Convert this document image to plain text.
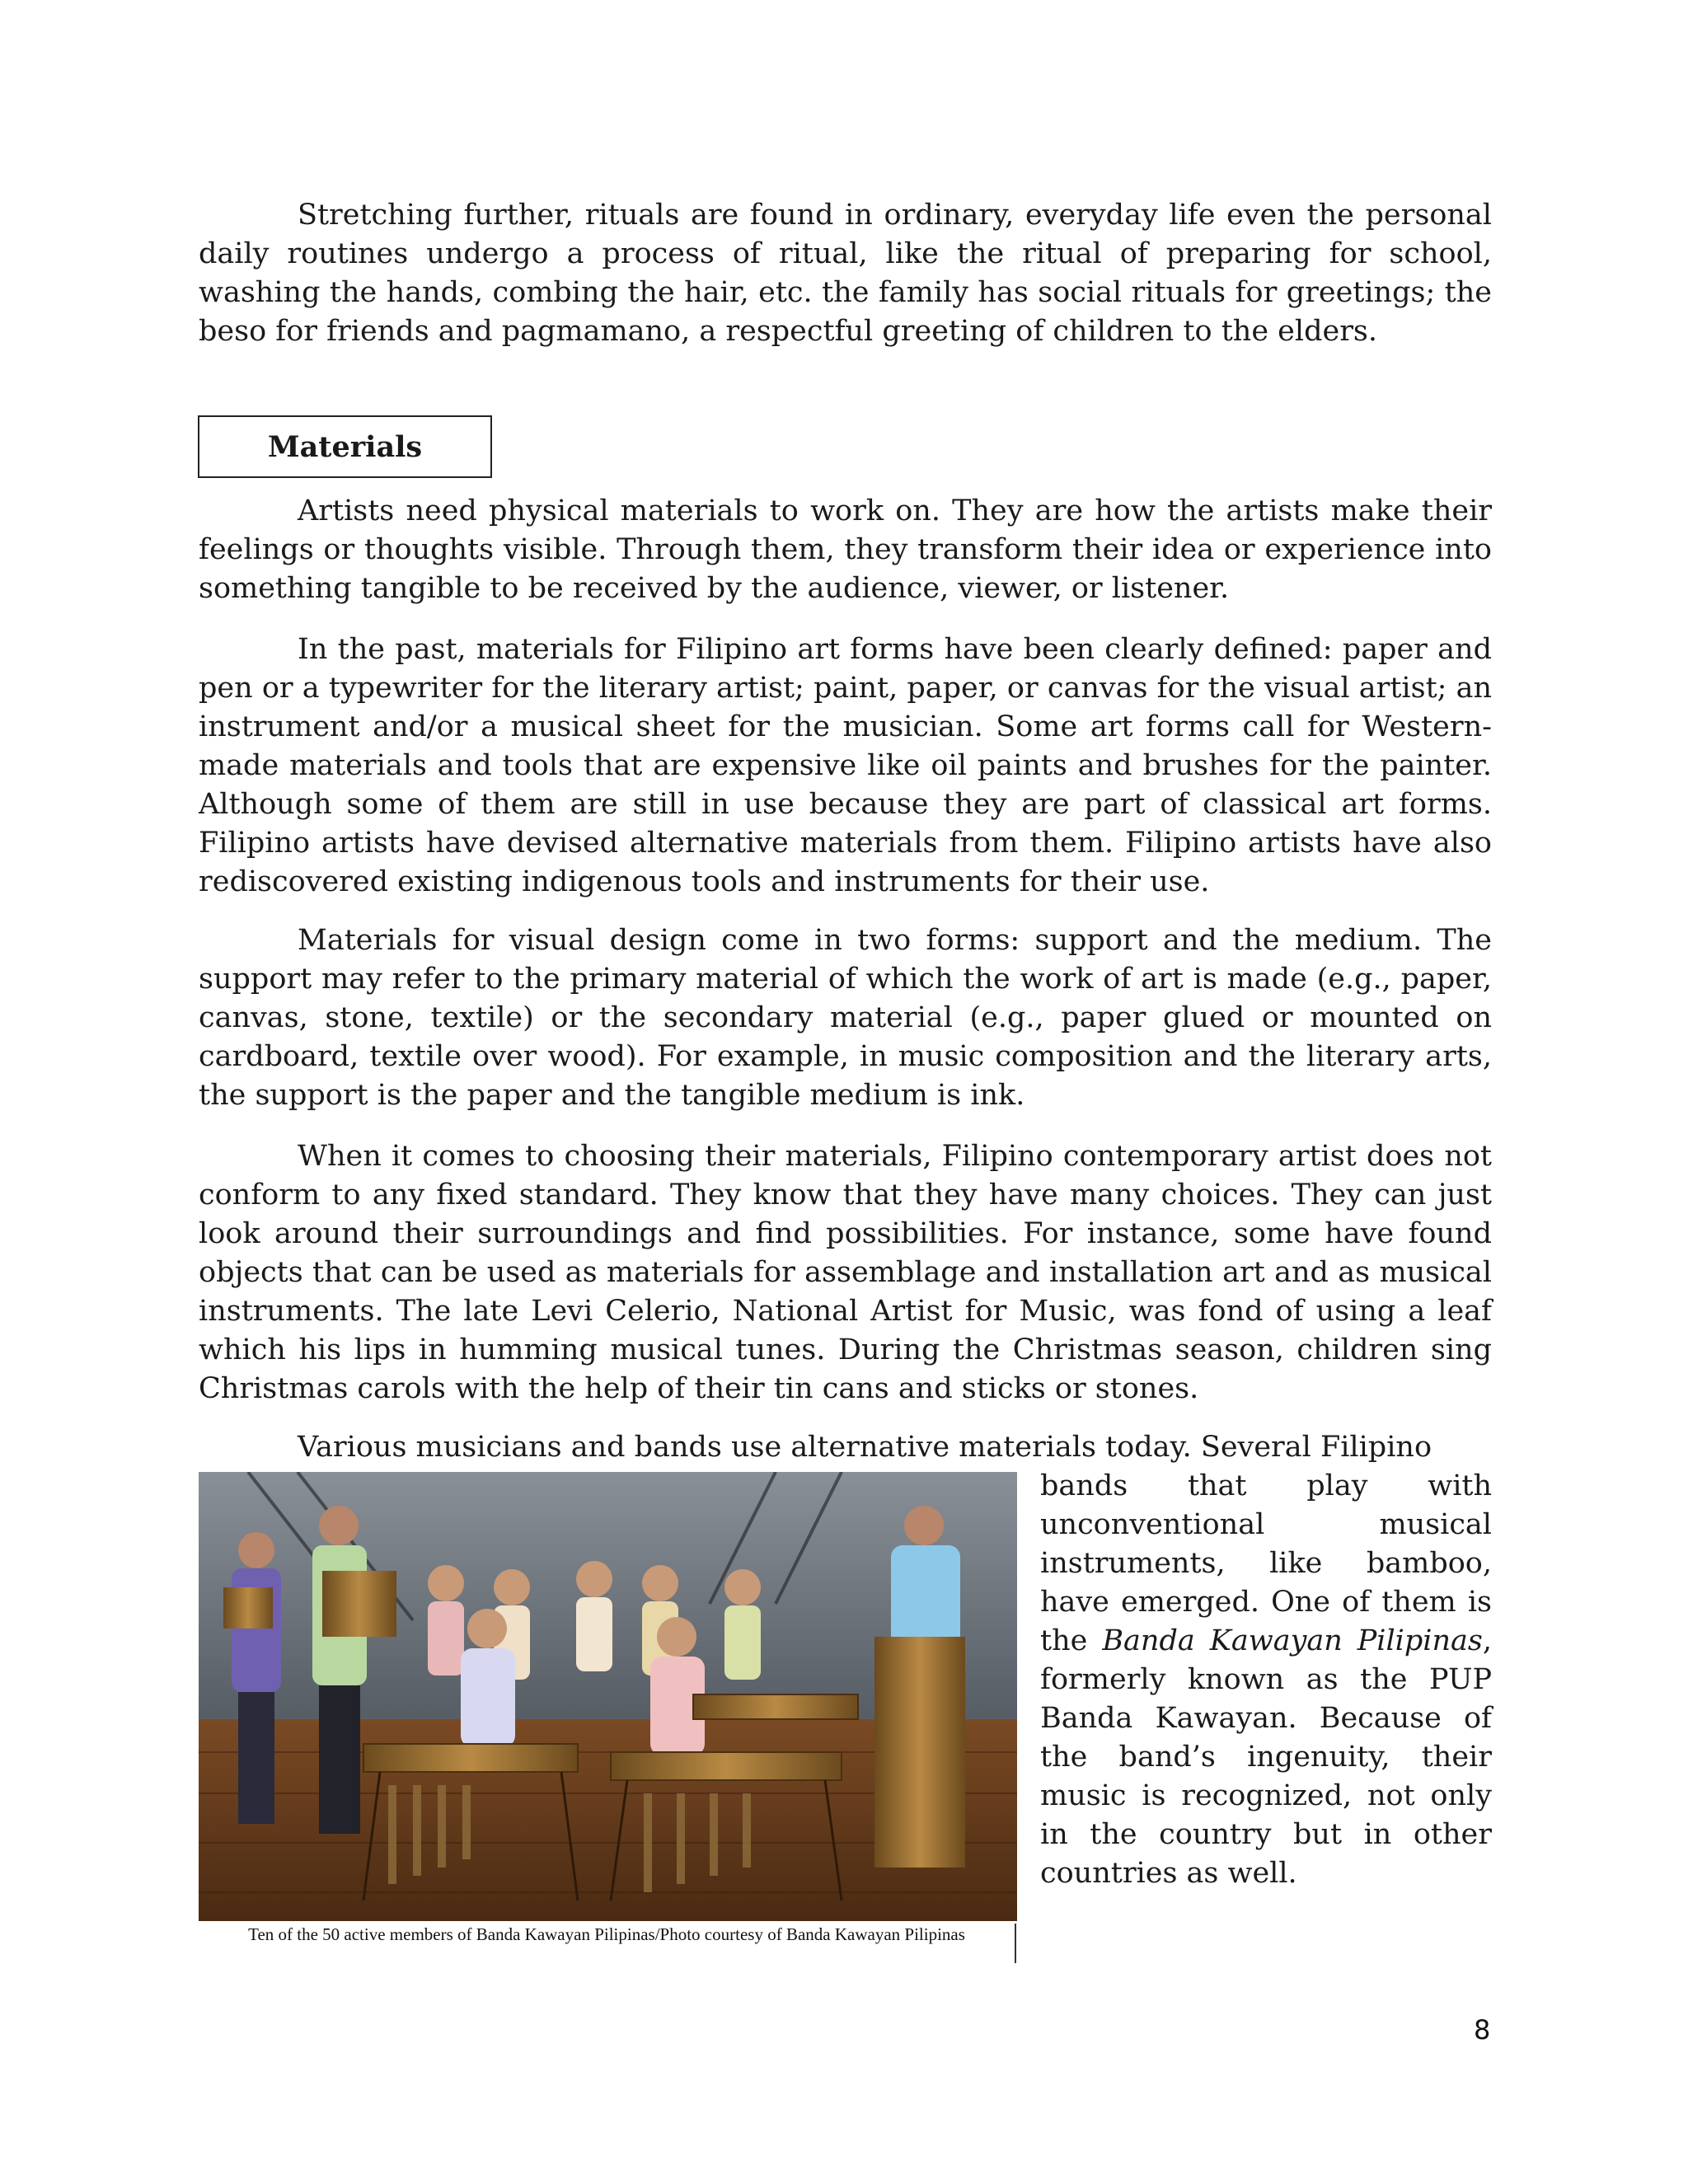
Stretching further, rituals are found in ordinary, everyday life even the personal daily routines undergo a process of ritual, like the ritual of preparing for school, washing the hands, combing the hair, etc. the family has social rituals for greetings; the beso for friends and pagmamano, a respectful greeting of children to the elders.

Materials

Artists need physical materials to work on. They are how the artists make their feelings or thoughts visible. Through them, they transform their idea or experience into something tangible to be received by the audience, viewer, or listener.

In the past, materials for Filipino art forms have been clearly defined: paper and pen or a typewriter for the literary artist; paint, paper, or canvas for the visual artist; an instrument and/or a musical sheet for the musician. Some art forms call for Western-made materials and tools that are expensive like oil paints and brushes for the painter. Although some of them are still in use because they are part of classical art forms. Filipino artists have devised alternative materials from them. Filipino artists have also rediscovered existing indigenous tools and instruments for their use.

Materials for visual design come in two forms: support and the medium. The support may refer to the primary material of which the work of art is made (e.g., paper, canvas, stone, textile) or the secondary material (e.g., paper glued or mounted on cardboard, textile over wood). For example, in music composition and the literary arts, the support is the paper and the tangible medium is ink.

When it comes to choosing their materials, Filipino contemporary artist does not conform to any fixed standard. They know that they have many choices. They can just look around their surroundings and find possibilities. For instance, some have found objects that can be used as materials for assemblage and installation art and as musical instruments. The late Levi Celerio, National Artist for Music, was fond of using a leaf which his lips in humming musical tunes. During the Christmas season, children sing Christmas carols with the help of their tin cans and sticks or stones.

Various musicians and bands use alternative materials today. Several Filipino

Ten of the 50 active members of Banda Kawayan Pilipinas/Photo courtesy of Banda Kawayan Pilipinas

bands that play with unconventional musical instruments, like bamboo, have emerged. One of them is the Banda Kawayan Pilipinas, formerly known as the PUP Banda Kawayan. Because of the band’s ingenuity, their music is recognized, not only in the country but in other countries as well.

8
